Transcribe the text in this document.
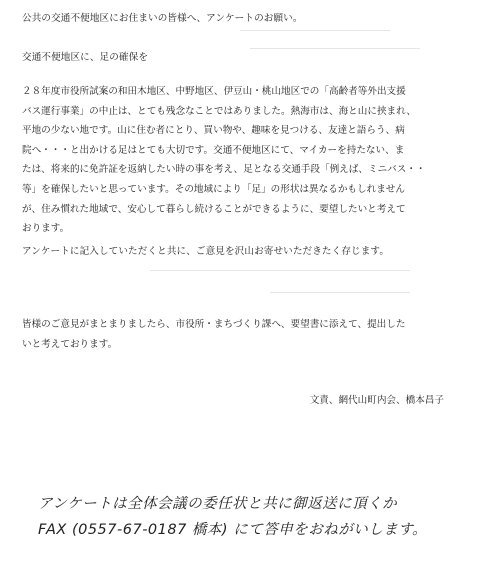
公共の交通不便地区にお住まいの皆様へ、アンケートのお願い。
交通不便地区に、足の確保を
２８年度市役所試案の和田木地区、中野地区、伊豆山・桃山地区での「高齢者等外出支援
バス運行事業」の中止は、とても残念なことではありました。熱海市は、海と山に挟まれ、
平地の少ない地です。山に住む者にとり、買い物や、趣味を見つける、友達と語らう、病
院へ・・・と出かける足はとても大切です。交通不便地区にて、マイカーを持たない、ま
たは、将来的に免許証を返納したい時の事を考え、足となる交通手段「例えば、ミニバス・・
等」を確保したいと思っています。その地域により「足」の形状は異なるかもしれません
が、住み慣れた地域で、安心して暮らし続けることができるように、要望したいと考えて
おります。
アンケートに記入していただくと共に、ご意見を沢山お寄せいただきたく存じます。
皆様のご意見がまとまりましたら、市役所・まちづくり課へ、要望書に添えて、提出した
いと考えております。
文責、網代山町内会、橋本昌子
アンケートは全体会議の委任状と共に御返送に頂くか
FAX (0557-67-0187 橋本) にて答申をおねがいします。
